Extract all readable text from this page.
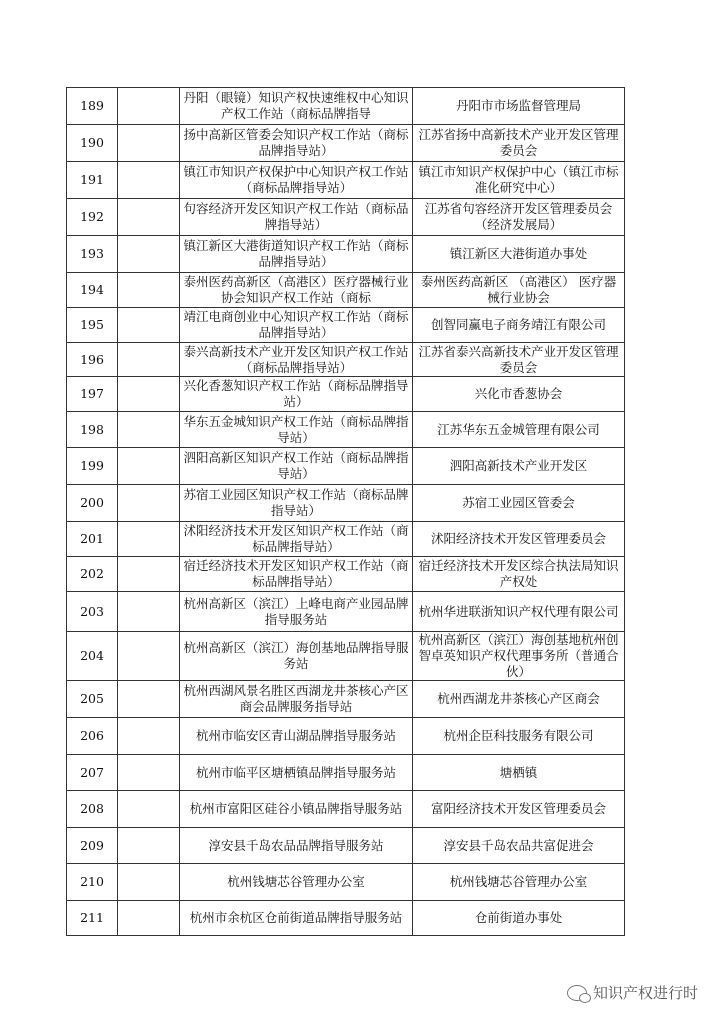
189		丹阳（眼镜）知识产权快速维权中心知识产权工作站（商标品牌指导	丹阳市市场监督管理局
190		扬中高新区管委会知识产权工作站（商标品牌指导站）	江苏省扬中高新技术产业开发区管理委员会
191		镇江市知识产权保护中心知识产权工作站（商标品牌指导站）	镇江市知识产权保护中心（镇江市标准化研究中心）
192		句容经济开发区知识产权工作站（商标品牌指导站）	江苏省句容经济开发区管理委员会（经济发展局）
193		镇江新区大港街道知识产权工作站（商标品牌指导站）	镇江新区大港街道办事处
194		泰州医药高新区（高港区）医疗器械行业协会知识产权工作站（商标	泰州医药高新区 （高港区） 医疗器械行业协会
195		靖江电商创业中心知识产权工作站（商标品牌指导站）	创智同赢电子商务靖江有限公司
196		泰兴高新技术产业开发区知识产权工作站（商标品牌指导站）	江苏省泰兴高新技术产业开发区管理委员会
197		兴化香葱知识产权工作站（商标品牌指导站）	兴化市香葱协会
198		华东五金城知识产权工作站（商标品牌指导站）	江苏华东五金城管理有限公司
199		泗阳高新区知识产权工作站（商标品牌指导站）	泗阳高新技术产业开发区
200		苏宿工业园区知识产权工作站（商标品牌指导站）	苏宿工业园区管委会
201		沭阳经济技术开发区知识产权工作站（商标品牌指导站）	沭阳经济技术开发区管理委员会
202		宿迁经济技术开发区知识产权工作站（商标品牌指导站）	宿迁经济技术开发区综合执法局知识产权处
203		杭州高新区（滨江）上峰电商产业园品牌指导服务站	杭州华进联浙知识产权代理有限公司
204		杭州高新区（滨江）海创基地品牌指导服务站	杭州高新区（滨江）海创基地杭州创智卓英知识产权代理事务所（普通合伙）
205		杭州西湖风景名胜区西湖龙井茶核心产区商会品牌服务指导站	杭州西湖龙井茶核心产区商会
206		杭州市临安区青山湖品牌指导服务站	杭州企臣科技服务有限公司
207		杭州市临平区塘栖镇品牌指导服务站	塘栖镇
208		杭州市富阳区硅谷小镇品牌指导服务站	富阳经济技术开发区管理委员会
209		淳安县千岛农品品牌指导服务站	淳安县千岛农品共富促进会
210		杭州钱塘芯谷管理办公室	杭州钱塘芯谷管理办公室
211		杭州市余杭区仓前街道品牌指导服务站	仓前街道办事处
知识产权进行时
